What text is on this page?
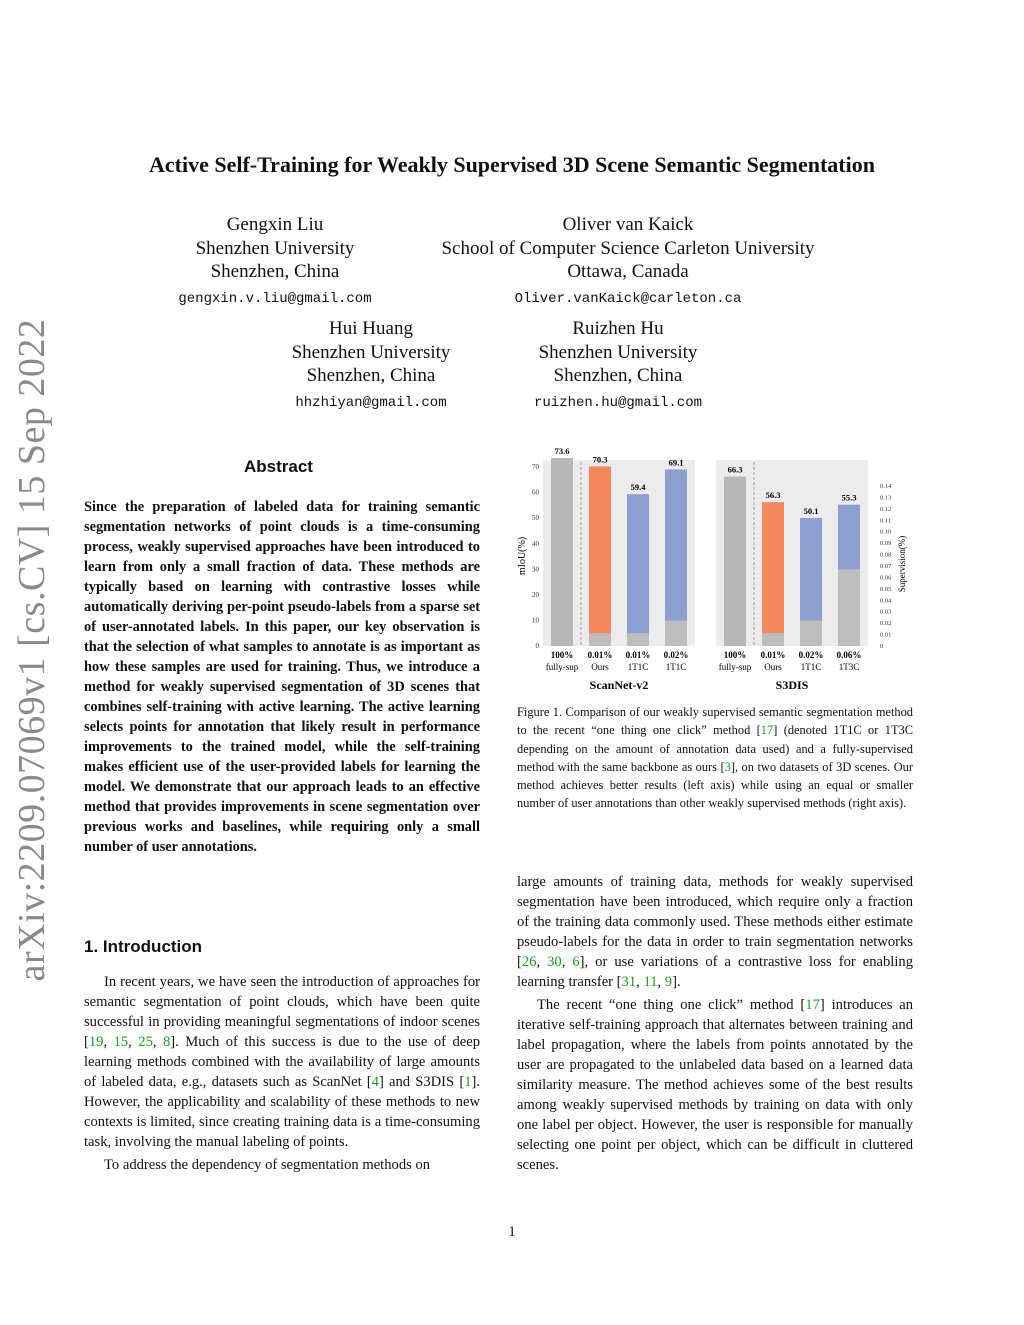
arXiv:2209.07069v1 [cs.CV] 15 Sep 2022
Active Self-Training for Weakly Supervised 3D Scene Semantic Segmentation
Gengxin Liu
Shenzhen University
Shenzhen, China
gengxin.v.liu@gmail.com
Oliver van Kaick
School of Computer Science Carleton University
Ottawa, Canada
Oliver.vanKaick@carleton.ca
Hui Huang
Shenzhen University
Shenzhen, China
hhzhiyan@gmail.com
Ruizhen Hu
Shenzhen University
Shenzhen, China
ruizhen.hu@gmail.com
Abstract
Since the preparation of labeled data for training semantic segmentation networks of point clouds is a time-consuming process, weakly supervised approaches have been introduced to learn from only a small fraction of data. These methods are typically based on learning with contrastive losses while automatically deriving per-point pseudo-labels from a sparse set of user-annotated labels. In this paper, our key observation is that the selection of what samples to annotate is as important as how these samples are used for training. Thus, we introduce a method for weakly supervised segmentation of 3D scenes that combines self-training with active learning. The active learning selects points for annotation that likely result in performance improvements to the trained model, while the self-training makes efficient use of the user-provided labels for learning the model. We demonstrate that our approach leads to an effective method that provides improvements in scene segmentation over previous works and baselines, while requiring only a small number of user annotations.
1. Introduction

In recent years, we have seen the introduction of approaches for semantic segmentation of point clouds, which have been quite successful in providing meaningful segmentations of indoor scenes [19, 15, 25, 8]. Much of this success is due to the use of deep learning methods combined with the availability of large amounts of labeled data, e.g., datasets such as ScanNet [4] and S3DIS [1]. However, the applicability and scalability of these methods to new contexts is limited, since creating training data is a time-consuming task, involving the manual labeling of points.

To address the dependency of segmentation methods on

mIoU(%)
0
10
20
30
40
50
60
70
0
0.01
0.02
0.03
0.04
0.05
0.06
0.07
0.08
0.09
0.10
0.11
0.12
0.13
0.14
Supervision(%)
73.6
100%
fully-sup
70.3
0.01%
Ours
59.4
0.01%
1T1C
69.1
0.02%
1T1C
ScanNet-v2
66.3
100%
fully-sup
56.3
0.01%
Ours
50.1
0.02%
1T1C
55.3
0.06%
1T3C
S3DIS
Figure 1. Comparison of our weakly supervised semantic segmentation method to the recent “one thing one click” method [17] (denoted 1T1C or 1T3C depending on the amount of annotation data used) and a fully-supervised method with the same backbone as ours [3], on two datasets of 3D scenes. Our method achieves better results (left axis) while using an equal or smaller number of user annotations than other weakly supervised methods (right axis).

large amounts of training data, methods for weakly supervised segmentation have been introduced, which require only a fraction of the training data commonly used. These methods either estimate pseudo-labels for the data in order to train segmentation networks [26, 30, 6], or use variations of a contrastive loss for enabling learning transfer [31, 11, 9].

The recent “one thing one click” method [17] introduces an iterative self-training approach that alternates between training and label propagation, where the labels from points annotated by the user are propagated to the unlabeled data based on a learned data similarity measure. The method achieves some of the best results among weakly supervised methods by training on data with only one label per object. However, the user is responsible for manually selecting one point per object, which can be difficult in cluttered scenes.

1
